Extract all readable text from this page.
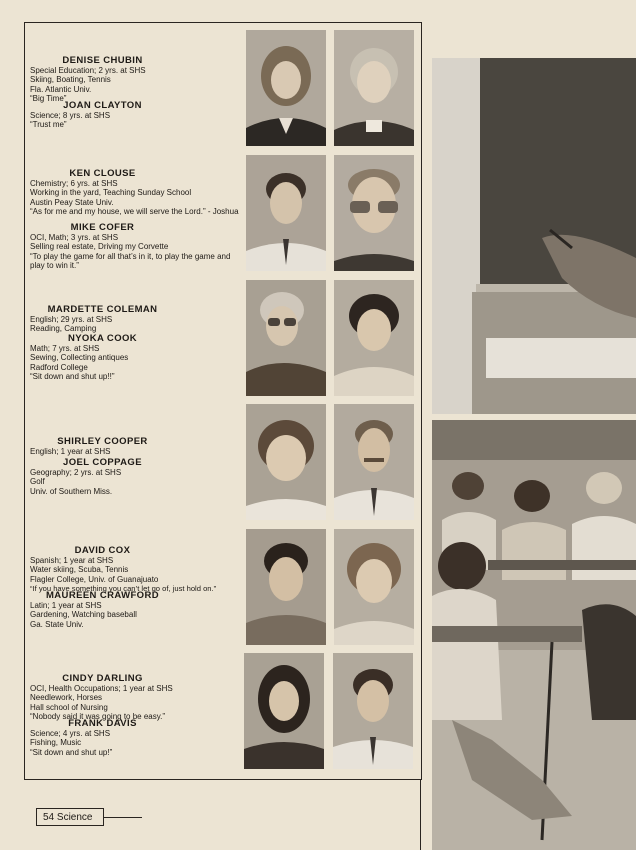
DENISE CHUBIN
Special Education; 2 yrs. at SHS
Skiing, Boating, Tennis
Fla. Atlantic Univ.
“Big Time”
JOAN CLAYTON
Science; 8 yrs. at SHS
“Trust me”
KEN CLOUSE
Chemistry; 6 yrs. at SHS
Working in the yard, Teaching Sunday School
Austin Peay State Univ.
“As for me and my house, we will serve the Lord.” - Joshua
MIKE COFER
OCI, Math; 3 yrs. at SHS
Selling real estate, Driving my Corvette
“To play the game for all that’s in it, to play the game and play to win it.”
MARDETTE COLEMAN
English; 29 yrs. at SHS
Reading, Camping
NYOKA COOK
Math; 7 yrs. at SHS
Sewing, Collecting antiques
Radford College
“Sit down and shut up!!”
SHIRLEY COOPER
English; 1 year at SHS
JOEL COPPAGE
Geography; 2 yrs. at SHS
Golf
Univ. of Southern Miss.
DAVID COX
Spanish; 1 year at SHS
Water skiing, Scuba, Tennis
Flagler College, Univ. of Guanajuato
“If you have something you can’t let go of, just hold on.”
MAUREEN CRAWFORD
Latin; 1 year at SHS
Gardening, Watching baseball
Ga. State Univ.
CINDY DARLING
OCI, Health Occupations; 1 year at SHS
Needlework, Horses
Hall school of Nursing
“Nobody said it was going to be easy.”
FRANK DAVIS
Science; 4 yrs. at SHS
Fishing, Music
“Sit down and shut up!”
54 Science
